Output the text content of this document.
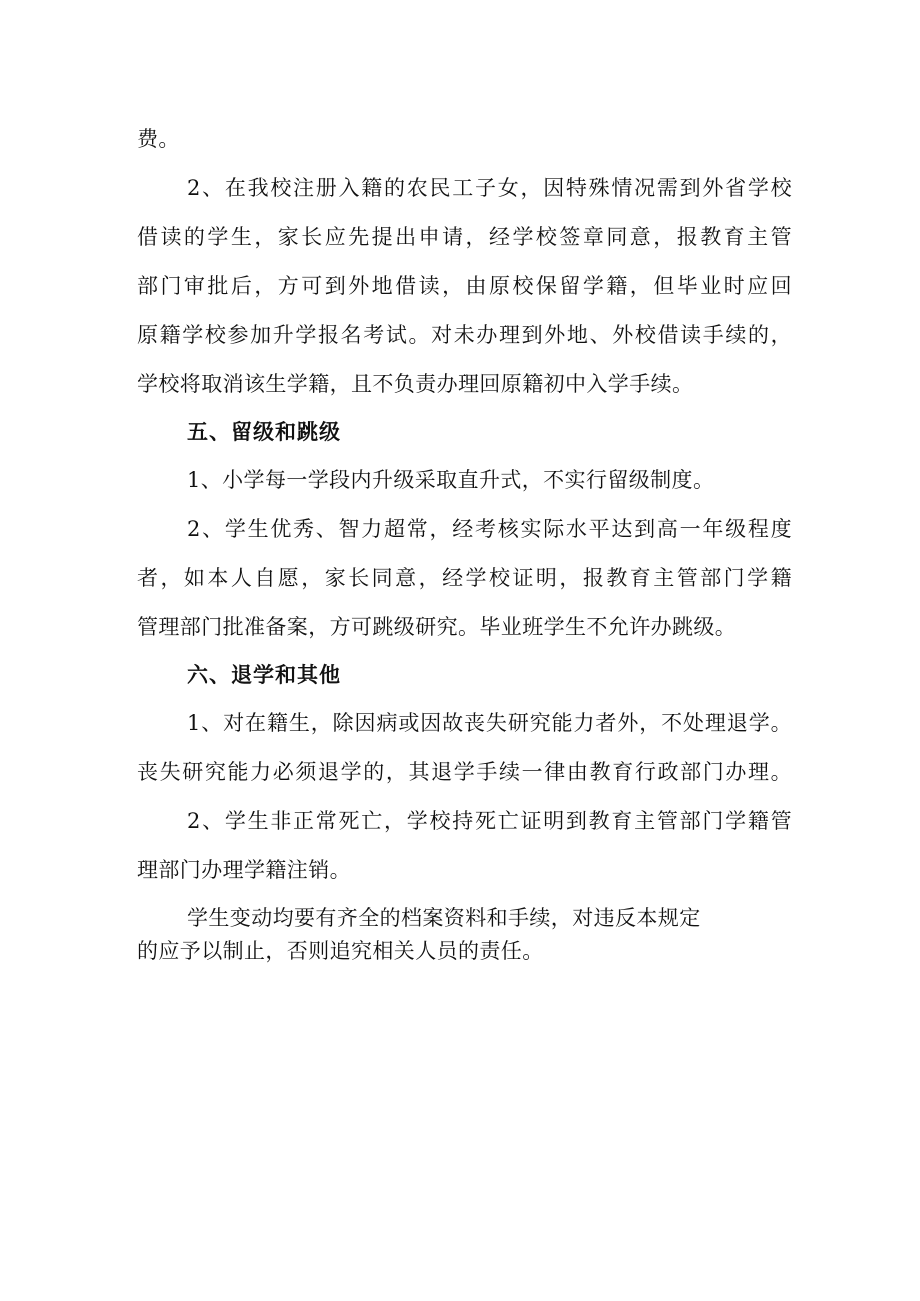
费。
2、在我校注册入籍的农民工子女，因特殊情况需到外省学校
借读的学生，家长应先提出申请，经学校签章同意，报教育主管
部门审批后，方可到外地借读，由原校保留学籍，但毕业时应回
原籍学校参加升学报名考试。对未办理到外地、外校借读手续的，
学校将取消该生学籍，且不负责办理回原籍初中入学手续。
五、留级和跳级
1、小学每一学段内升级采取直升式，不实行留级制度。
2、学生优秀、智力超常，经考核实际水平达到高一年级程度
者，如本人自愿，家长同意，经学校证明，报教育主管部门学籍
管理部门批准备案，方可跳级研究。毕业班学生不允许办跳级。
六、退学和其他
1、对在籍生，除因病或因故丧失研究能力者外，不处理退学。
丧失研究能力必须退学的，其退学手续一律由教育行政部门办理。
2、学生非正常死亡，学校持死亡证明到教育主管部门学籍管
理部门办理学籍注销。
学生变动均要有齐全的档案资料和手续，对违反本规定
的应予以制止，否则追究相关人员的责任。
